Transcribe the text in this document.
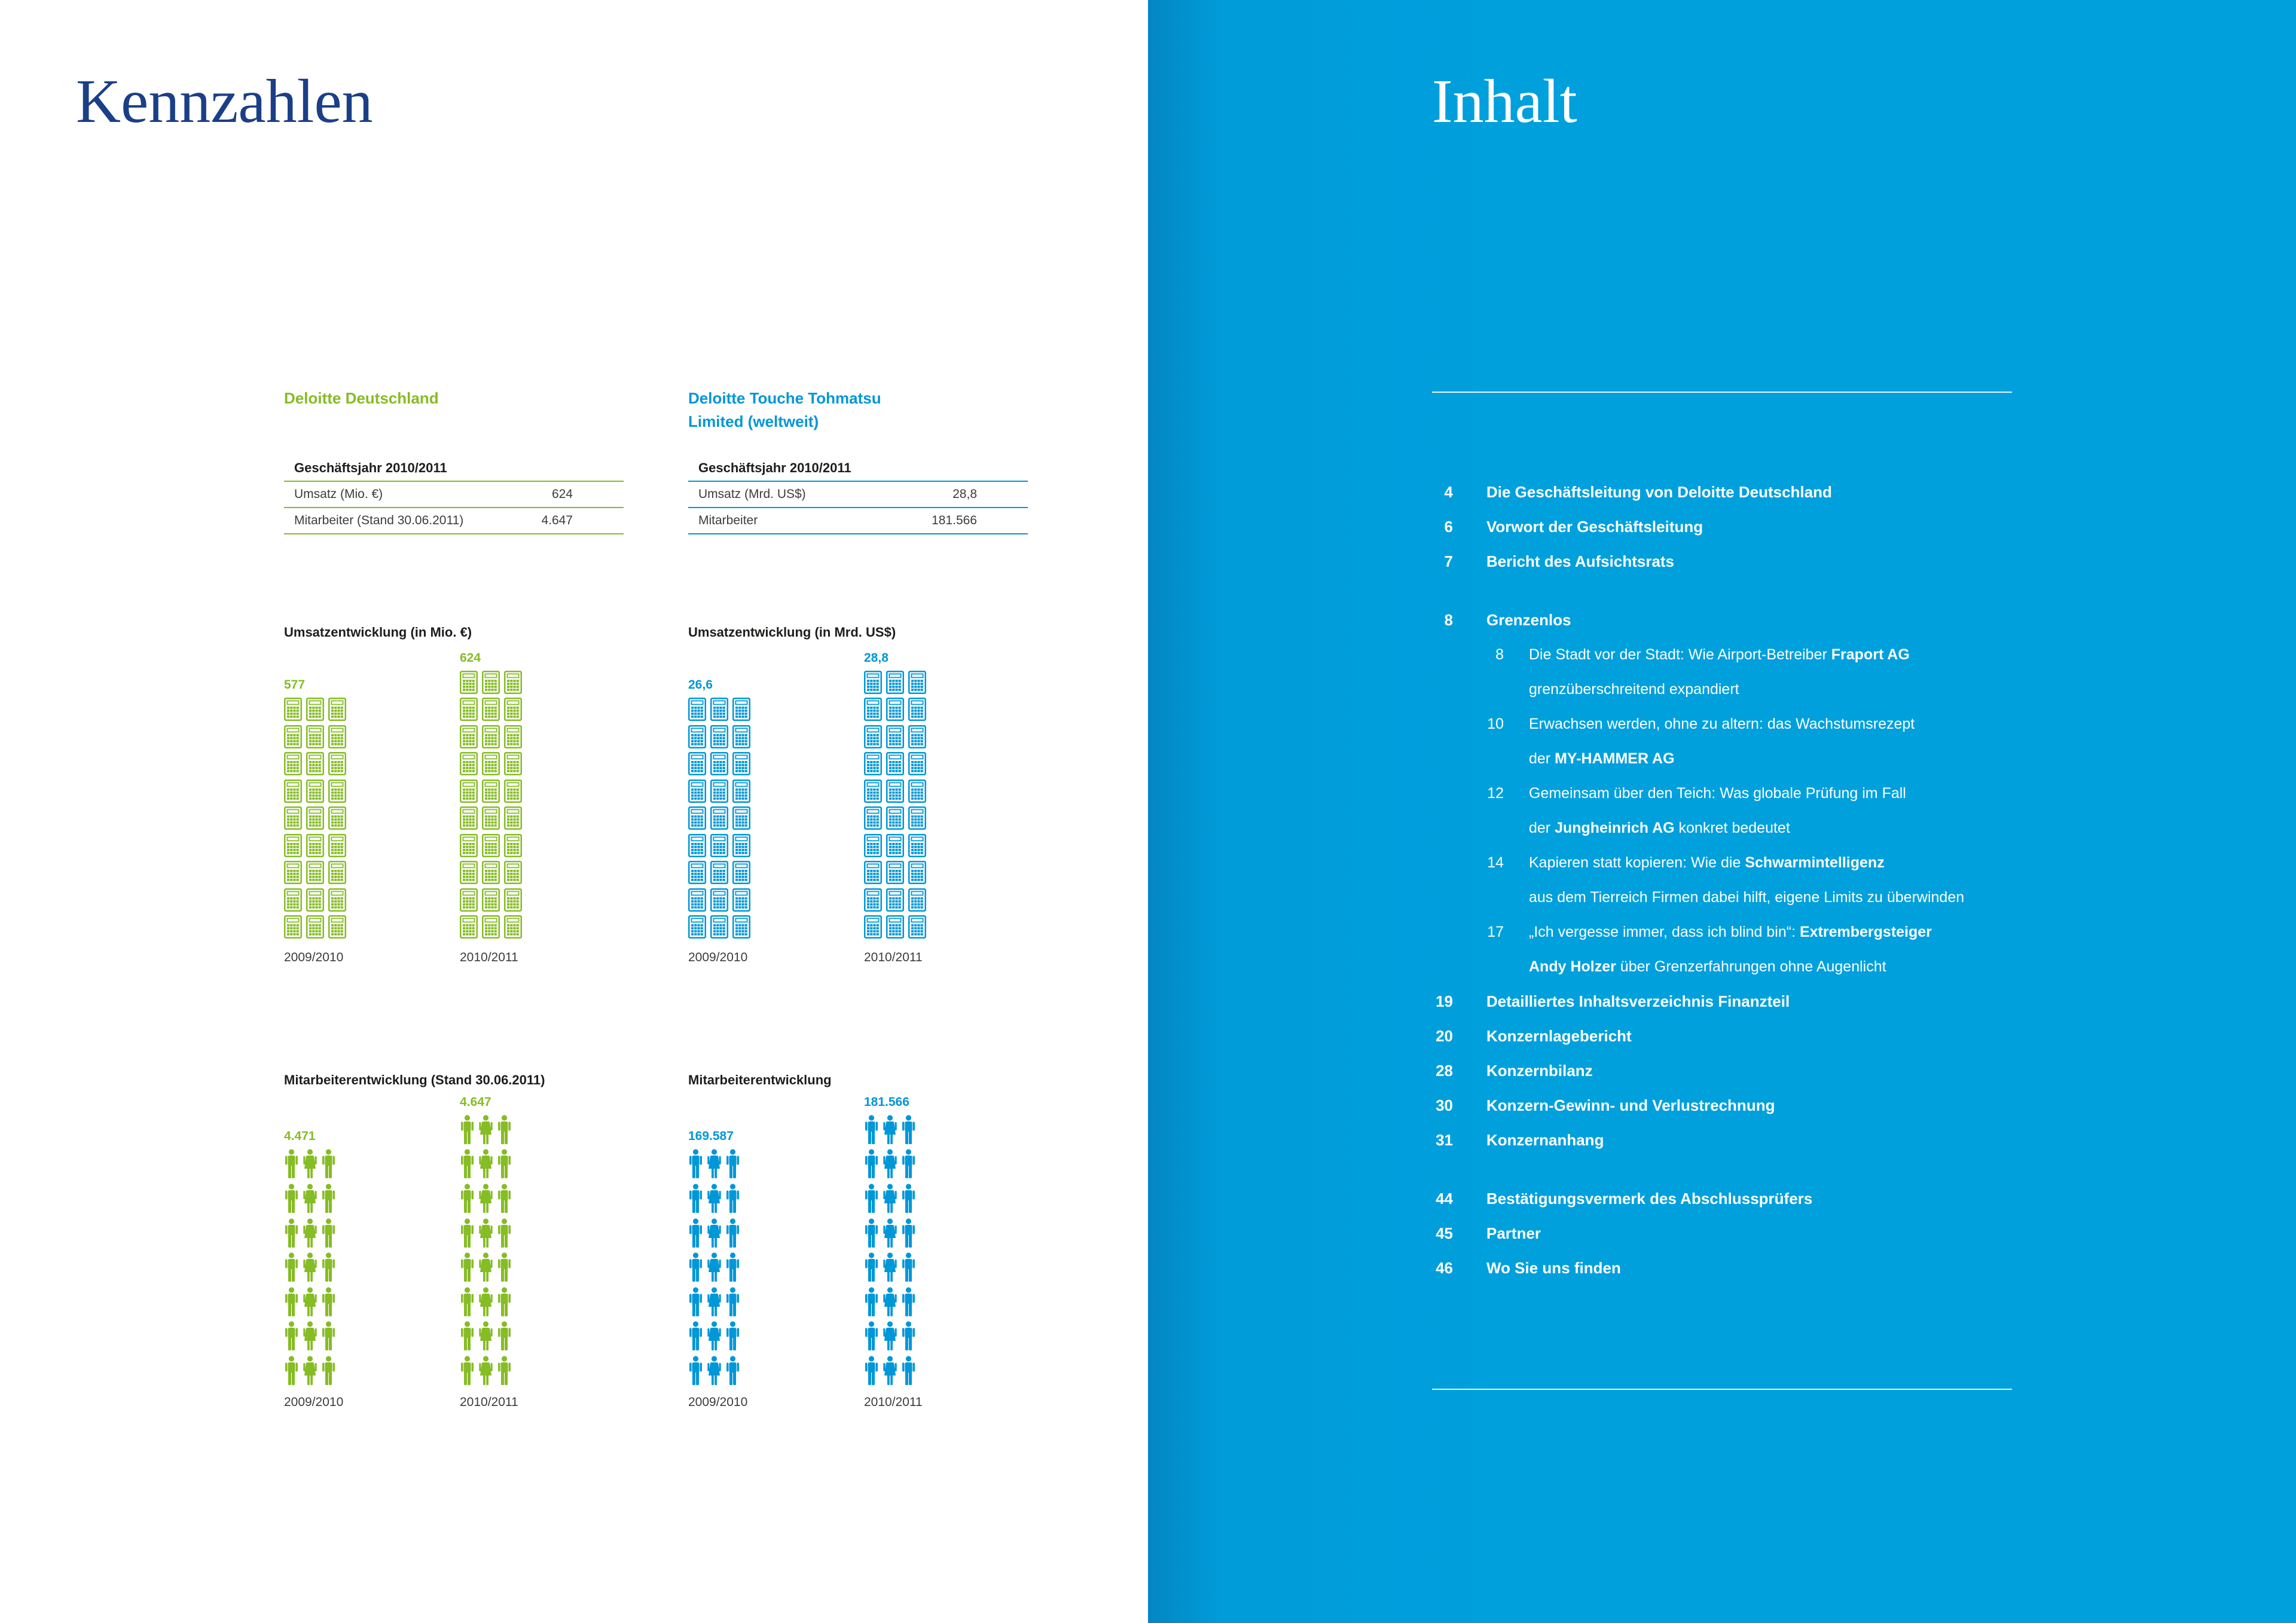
Kennzahlen
Deloitte Deutschland	Deloitte Touche Tohmatsu
Limited (weltweit)
Geschäftsjahr 2010/2011
Umsatz (Mio. €)	624
Mitarbeiter (Stand 30.06.2011)	4.647
Geschäftsjahr 2010/2011
Umsatz (Mrd. US$)	28,8
Mitarbeiter	181.566
Umsatzentwicklung (in Mio. €)
577
2009/2010
624
2010/2011
Umsatzentwicklung (in Mrd. US$)
26,6
2009/2010
28,8
2010/2011
Mitarbeiterentwicklung (Stand 30.06.2011)
4.471
2009/2010
4.647
2010/2011
Mitarbeiterentwicklung
169.587
2009/2010
181.566
2010/2011
Inhalt
4 Die Geschäftsleitung von Deloitte Deutschland
6 Vorwort der Geschäftsleitung
7 Bericht des Aufsichtsrats
8 Grenzenlos
8 Die Stadt vor der Stadt: Wie Airport-Betreiber Fraport AG
grenzüberschreitend expandiert
10 Erwachsen werden, ohne zu altern: das Wachstumsrezept
der MY-HAMMER AG
12 Gemeinsam über den Teich: Was globale Prüfung im Fall
der Jungheinrich AG konkret bedeutet
14 Kapieren statt kopieren: Wie die Schwarmintelligenz
aus dem Tierreich Firmen dabei hilft, eigene Limits zu überwinden
17 „Ich vergesse immer, dass ich blind bin“: Extrembergsteiger
Andy Holzer über Grenzerfahrungen ohne Augenlicht
19 Detailliertes Inhaltsverzeichnis Finanzteil
20 Konzernlagebericht
28 Konzernbilanz
30 Konzern-Gewinn- und Verlustrechnung
31 Konzernanhang
44 Bestätigungsvermerk des Abschlussprüfers
45 Partner
46 Wo Sie uns finden
